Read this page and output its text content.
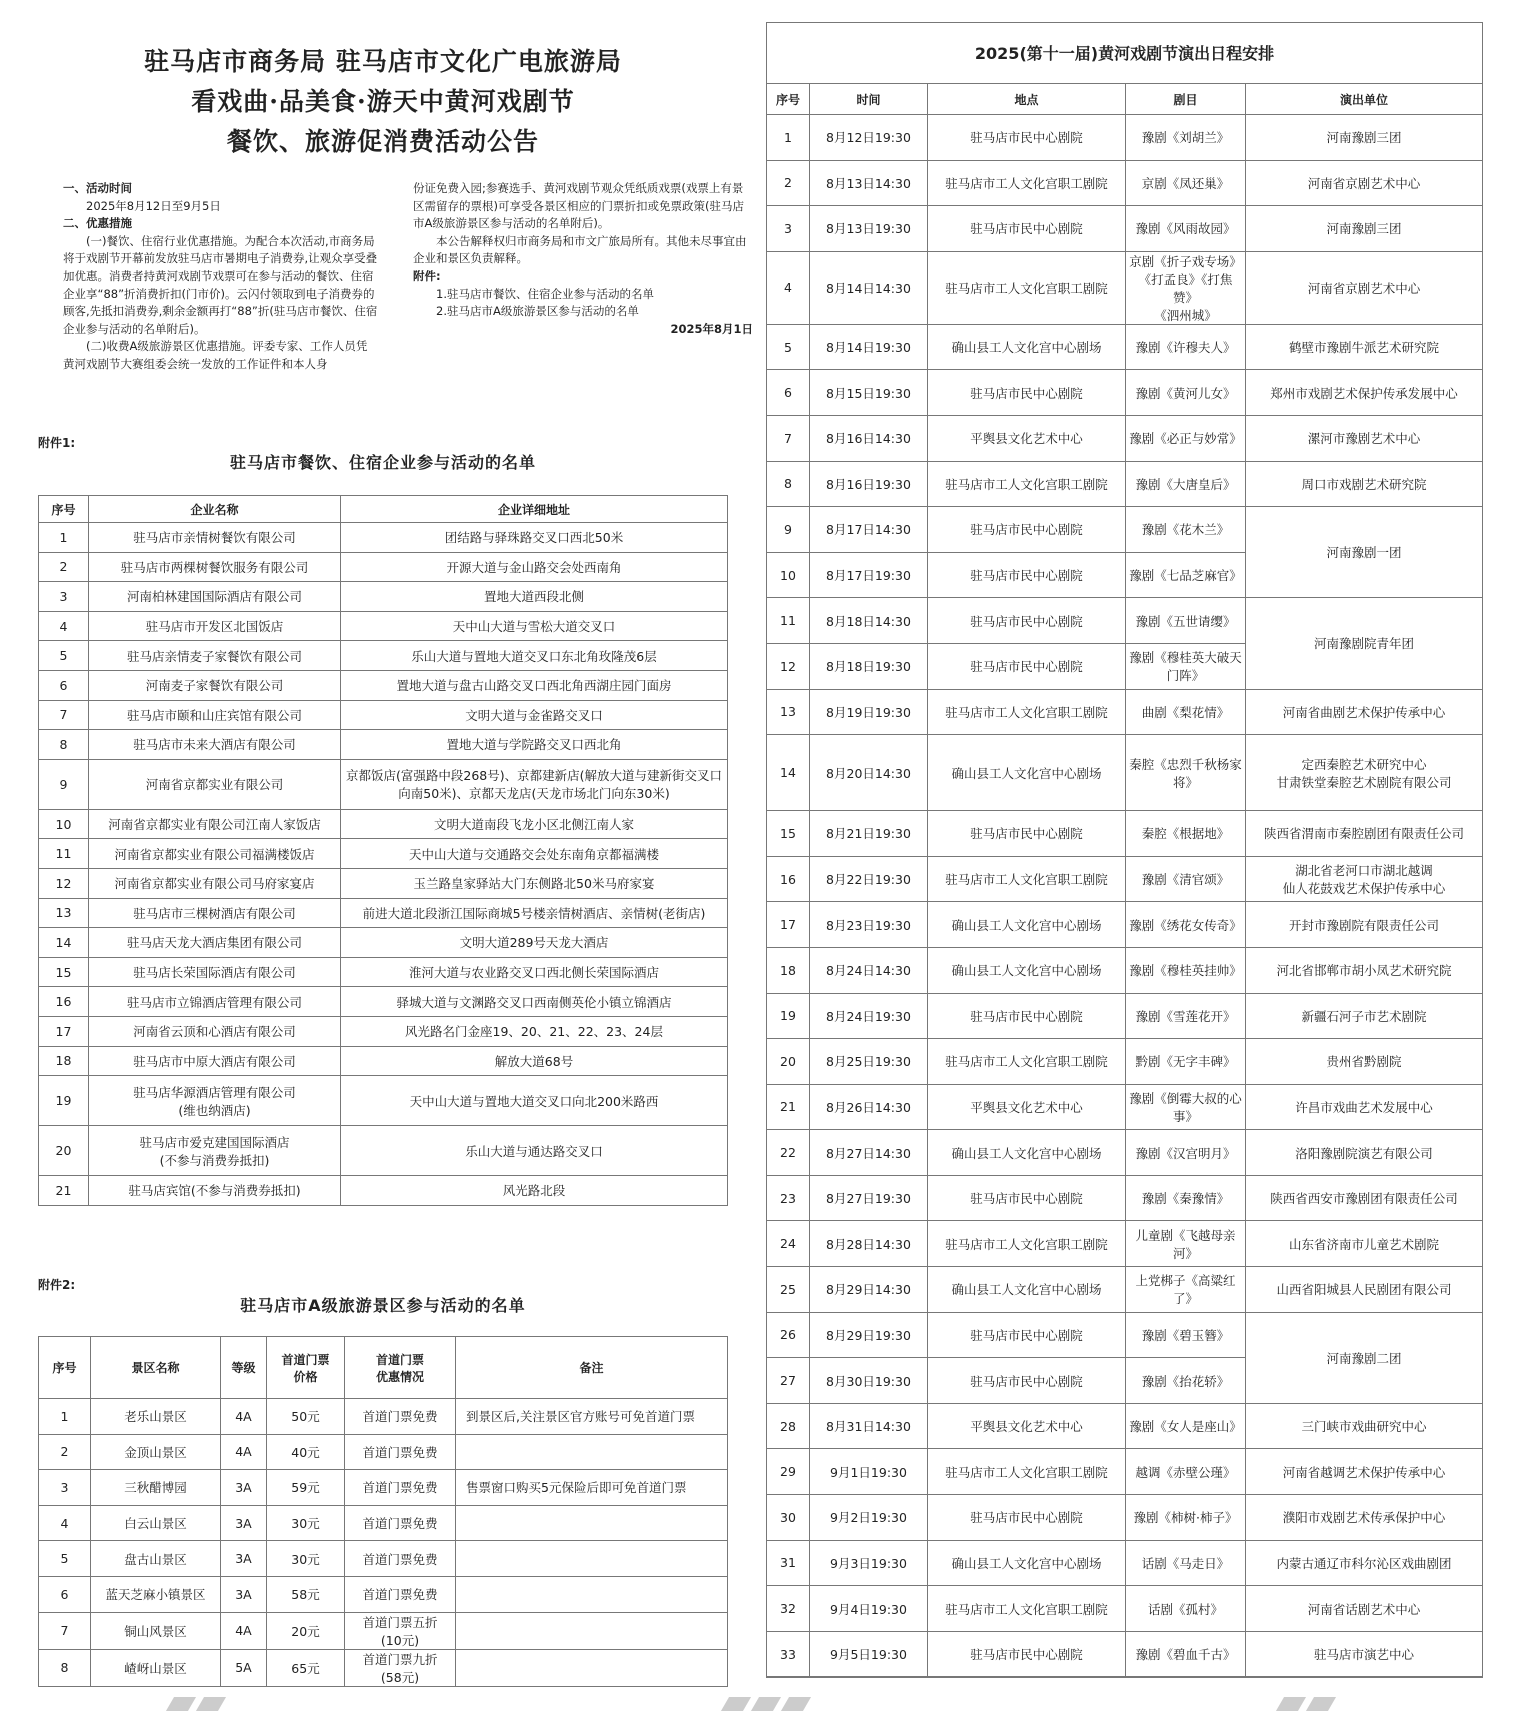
驻马店市商务局 驻马店市文化广电旅游局
看戏曲·品美食·游天中黄河戏剧节
餐饮、旅游促消费活动公告

一、活动时间

2025年8月12日至9月5日

二、优惠措施

(一)餐饮、住宿行业优惠措施。为配合本次活动,市商务局将于戏剧节开幕前发放驻马店市暑期电子消费券,让观众享受叠加优惠。消费者持黄河戏剧节戏票可在参与活动的餐饮、住宿企业享“88”折消费折扣(门市价)。云闪付领取到电子消费券的顾客,先抵扣消费券,剩余金额再打“88”折(驻马店市餐饮、住宿企业参与活动的名单附后)。

(二)收费A级旅游景区优惠措施。评委专家、工作人员凭黄河戏剧节大赛组委会统一发放的工作证件和本人身

份证免费入园;参赛选手、黄河戏剧节观众凭纸质戏票(戏票上有景区需留存的票根)可享受各景区相应的门票折扣或免票政策(驻马店市A级旅游景区参与活动的名单附后)。

本公告解释权归市商务局和市文广旅局所有。其他未尽事宜由企业和景区负责解释。

附件:

1.驻马店市餐饮、住宿企业参与活动的名单

2.驻马店市A级旅游景区参与活动的名单

2025年8月1日

附件1:
驻马店市餐饮、住宿企业参与活动的名单
序号	企业名称	企业详细地址
1	驻马店市亲情树餐饮有限公司	团结路与驿珠路交叉口西北50米
2	驻马店市两棵树餐饮服务有限公司	开源大道与金山路交会处西南角
3	河南柏林建国国际酒店有限公司	置地大道西段北侧
4	驻马店市开发区北国饭店	天中山大道与雪松大道交叉口
5	驻马店亲情麦子家餐饮有限公司	乐山大道与置地大道交叉口东北角玫隆茂6层
6	河南麦子家餐饮有限公司	置地大道与盘古山路交叉口西北角西湖庄园门面房
7	驻马店市颐和山庄宾馆有限公司	文明大道与金雀路交叉口
8	驻马店市未来大酒店有限公司	置地大道与学院路交叉口西北角
9	河南省京都实业有限公司	京都饭店(富强路中段268号)、京都建新店(解放大道与建新街交叉口向南50米)、京都天龙店(天龙市场北门向东30米)
10	河南省京都实业有限公司江南人家饭店	文明大道南段飞龙小区北侧江南人家
11	河南省京都实业有限公司福满楼饭店	天中山大道与交通路交会处东南角京都福满楼
12	河南省京都实业有限公司马府家宴店	玉兰路皇家驿站大门东侧路北50米马府家宴
13	驻马店市三棵树酒店有限公司	前进大道北段浙江国际商城5号楼亲情树酒店、亲情树(老街店)
14	驻马店天龙大酒店集团有限公司	文明大道289号天龙大酒店
15	驻马店长荣国际酒店有限公司	淮河大道与农业路交叉口西北侧长荣国际酒店
16	驻马店市立锦酒店管理有限公司	驿城大道与文渊路交叉口西南侧英伦小镇立锦酒店
17	河南省云顶和心酒店有限公司	风光路名门金座19、20、21、22、23、24层
18	驻马店市中原大酒店有限公司	解放大道68号
19	驻马店华源酒店管理有限公司
(维也纳酒店)	天中山大道与置地大道交叉口向北200米路西
20	驻马店市爱克建国国际酒店
(不参与消费券抵扣)	乐山大道与通达路交叉口
21	驻马店宾馆(不参与消费券抵扣)	风光路北段
附件2:
驻马店市A级旅游景区参与活动的名单
序号	景区名称	等级	首道门票
价格	首道门票
优惠情况	备注
1	老乐山景区	4A	50元	首道门票免费	到景区后,关注景区官方账号可免首道门票
2	金顶山景区	4A	40元	首道门票免费	
3	三秋醋博园	3A	59元	首道门票免费	售票窗口购买5元保险后即可免首道门票
4	白云山景区	3A	30元	首道门票免费	
5	盘古山景区	3A	30元	首道门票免费	
6	蓝天芝麻小镇景区	3A	58元	首道门票免费	
7	铜山风景区	4A	20元	首道门票五折
(10元)	
8	嵖岈山景区	5A	65元	首道门票九折
(58元)	
2025(第十一届)黄河戏剧节演出日程安排
序号	时间	地点	剧目	演出单位
1	8月12日19:30	驻马店市民中心剧院	豫剧《刘胡兰》	河南豫剧三团
2	8月13日14:30	驻马店市工人文化宫职工剧院	京剧《凤还巢》	河南省京剧艺术中心
3	8月13日19:30	驻马店市民中心剧院	豫剧《风雨故园》	河南豫剧三团
4	8月14日14:30	驻马店市工人文化宫职工剧院	京剧《折子戏专场》
《打孟良》《打焦赞》
《泗州城》	河南省京剧艺术中心
5	8月14日19:30	确山县工人文化宫中心剧场	豫剧《许穆夫人》	鹤壁市豫剧牛派艺术研究院
6	8月15日19:30	驻马店市民中心剧院	豫剧《黄河儿女》	郑州市戏剧艺术保护传承发展中心
7	8月16日14:30	平舆县文化艺术中心	豫剧《必正与妙常》	漯河市豫剧艺术中心
8	8月16日19:30	驻马店市工人文化宫职工剧院	豫剧《大唐皇后》	周口市戏剧艺术研究院
9	8月17日14:30	驻马店市民中心剧院	豫剧《花木兰》	河南豫剧一团
10	8月17日19:30	驻马店市民中心剧院	豫剧《七品芝麻官》	
11	8月18日14:30	驻马店市民中心剧院	豫剧《五世请缨》	河南豫剧院青年团
12	8月18日19:30	驻马店市民中心剧院	豫剧《穆桂英大破天
门阵》	
13	8月19日19:30	驻马店市工人文化宫职工剧院	曲剧《梨花情》	河南省曲剧艺术保护传承中心
14	8月20日14:30	确山县工人文化宫中心剧场	秦腔《忠烈千秋杨家
将》	定西秦腔艺术研究中心
甘肃铁堂秦腔艺术剧院有限公司
15	8月21日19:30	驻马店市民中心剧院	秦腔《根据地》	陕西省渭南市秦腔剧团有限责任公司
16	8月22日19:30	驻马店市工人文化宫职工剧院	豫剧《清官颂》	湖北省老河口市湖北越调
仙人花鼓戏艺术保护传承中心
17	8月23日19:30	确山县工人文化宫中心剧场	豫剧《绣花女传奇》	开封市豫剧院有限责任公司
18	8月24日14:30	确山县工人文化宫中心剧场	豫剧《穆桂英挂帅》	河北省邯郸市胡小凤艺术研究院
19	8月24日19:30	驻马店市民中心剧院	豫剧《雪莲花开》	新疆石河子市艺术剧院
20	8月25日19:30	驻马店市工人文化宫职工剧院	黔剧《无字丰碑》	贵州省黔剧院
21	8月26日14:30	平舆县文化艺术中心	豫剧《倒霉大叔的心
事》	许昌市戏曲艺术发展中心
22	8月27日14:30	确山县工人文化宫中心剧场	豫剧《汉宫明月》	洛阳豫剧院演艺有限公司
23	8月27日19:30	驻马店市民中心剧院	豫剧《秦豫情》	陕西省西安市豫剧团有限责任公司
24	8月28日14:30	驻马店市工人文化宫职工剧院	儿童剧《飞越母亲
河》	山东省济南市儿童艺术剧院
25	8月29日14:30	确山县工人文化宫中心剧场	上党梆子《高粱红
了》	山西省阳城县人民剧团有限公司
26	8月29日19:30	驻马店市民中心剧院	豫剧《碧玉簪》	河南豫剧二团
27	8月30日19:30	驻马店市民中心剧院	豫剧《抬花轿》	
28	8月31日14:30	平舆县文化艺术中心	豫剧《女人是座山》	三门峡市戏曲研究中心
29	9月1日19:30	驻马店市工人文化宫职工剧院	越调《赤壁公瑾》	河南省越调艺术保护传承中心
30	9月2日19:30	驻马店市民中心剧院	豫剧《柿树·柿子》	濮阳市戏剧艺术传承保护中心
31	9月3日19:30	确山县工人文化宫中心剧场	话剧《马走日》	内蒙古通辽市科尔沁区戏曲剧团
32	9月4日19:30	驻马店市工人文化宫职工剧院	话剧《孤村》	河南省话剧艺术中心
33	9月5日19:30	驻马店市民中心剧院	豫剧《碧血千古》	驻马店市演艺中心
